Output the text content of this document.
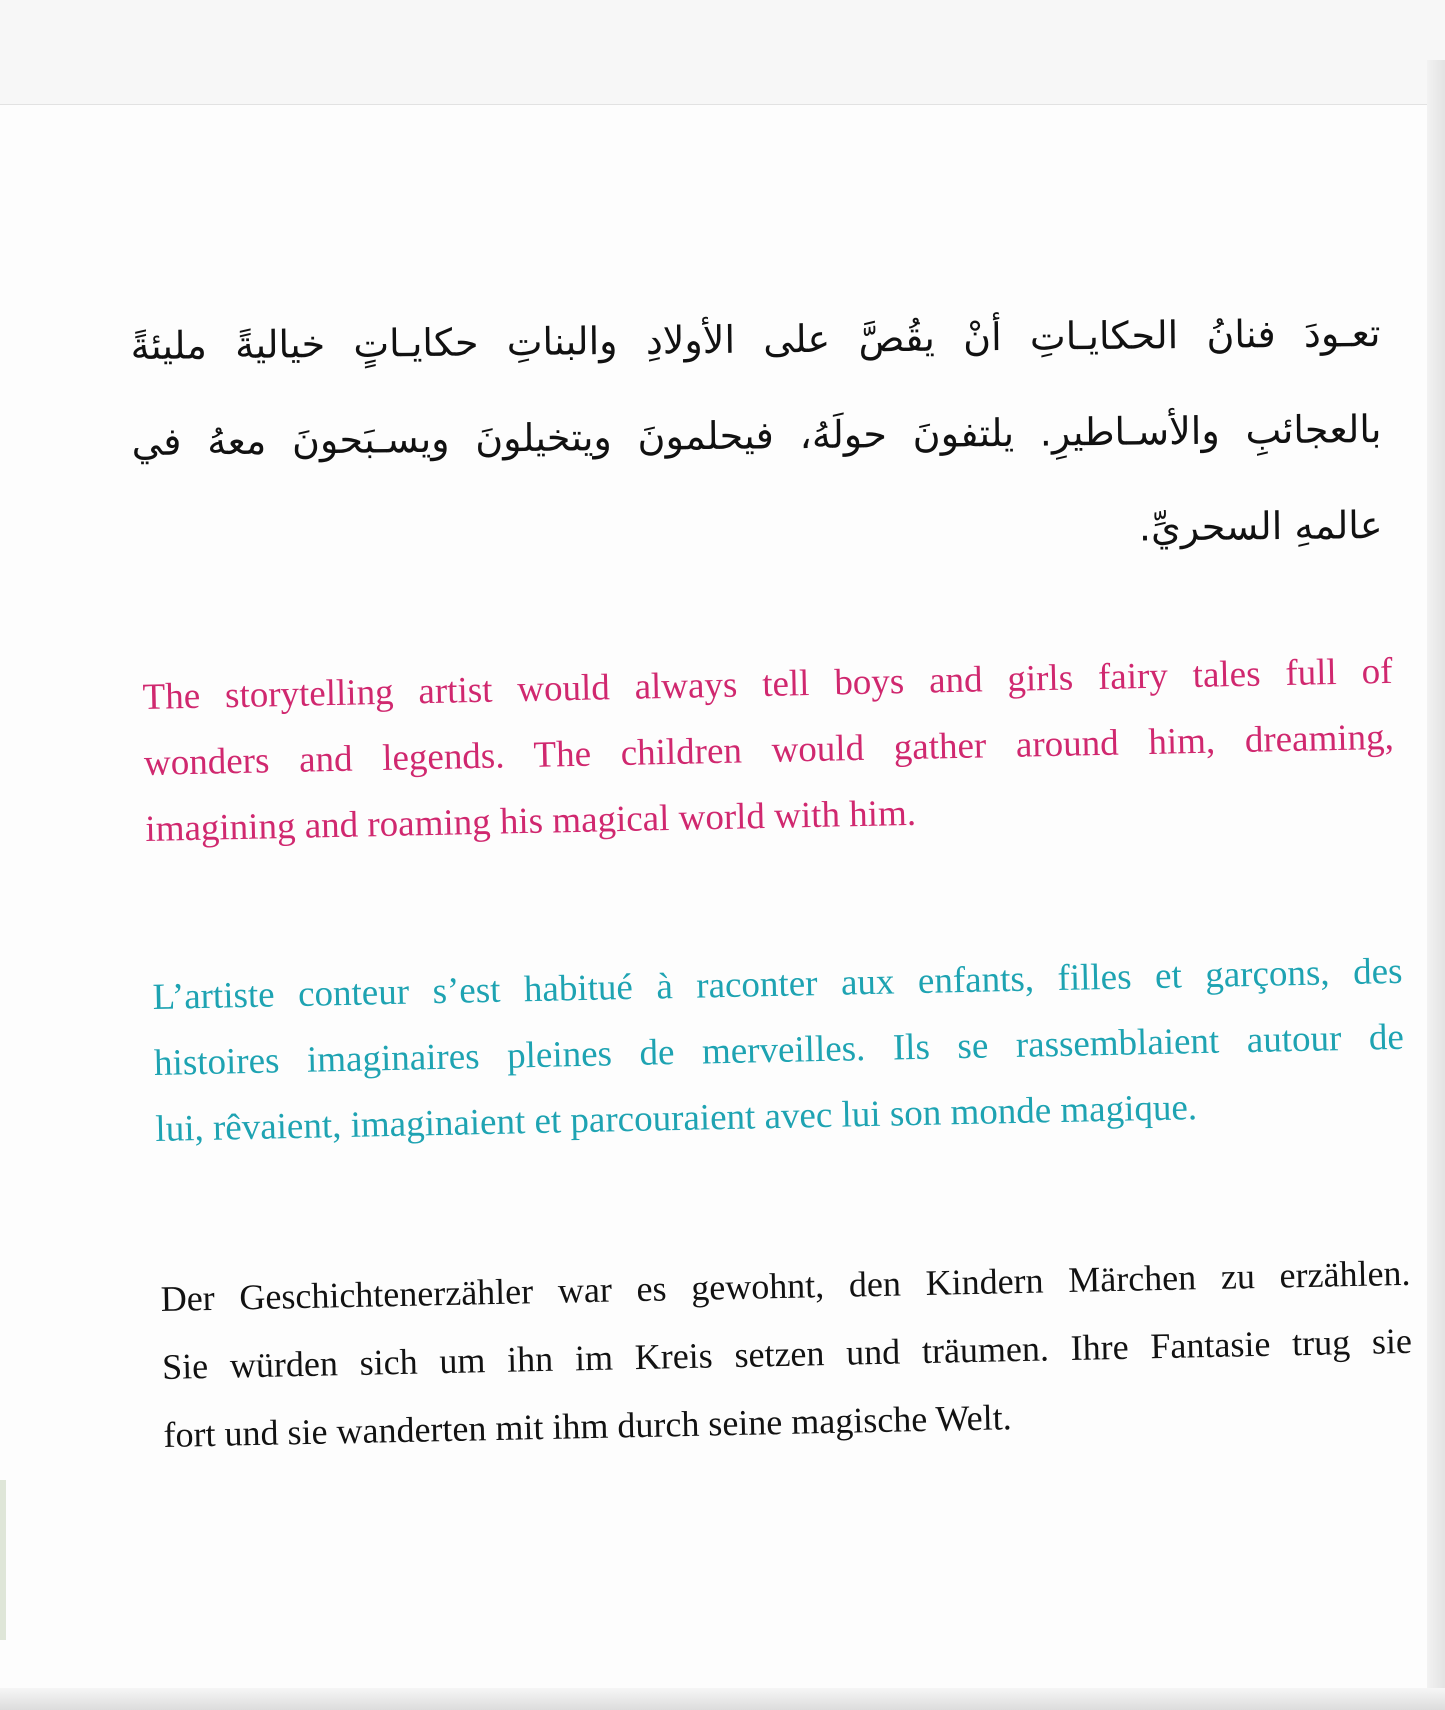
تعـودَ فنانُ الحكايـاتِ أنْ يقُصَّ على الأولادِ والبناتِ حكايـاتٍ خياليةً مليئةً
بالعجائبِ والأسـاطيرِ. يلتفونَ حولَهُ، فيحلمونَ ويتخيلونَ ويسـبَحونَ معهُ في
عالمهِ السحريِّ.

The storytelling artist would always tell boys and girls fairy tales full of
wonders and legends. The children would gather around him, dreaming,
imagining and roaming his magical world with him.

L’artiste conteur s’est habitué à raconter aux enfants, filles et garçons, des
histoires imaginaires pleines de merveilles. Ils se rassemblaient autour de
lui, rêvaient, imaginaient et parcouraient avec lui son monde magique.

Der Geschichtenerzähler war es gewohnt, den Kindern Märchen zu erzählen.
Sie würden sich um ihn im Kreis setzen und träumen. Ihre Fantasie trug sie
fort und sie wanderten mit ihm durch seine magische Welt.
